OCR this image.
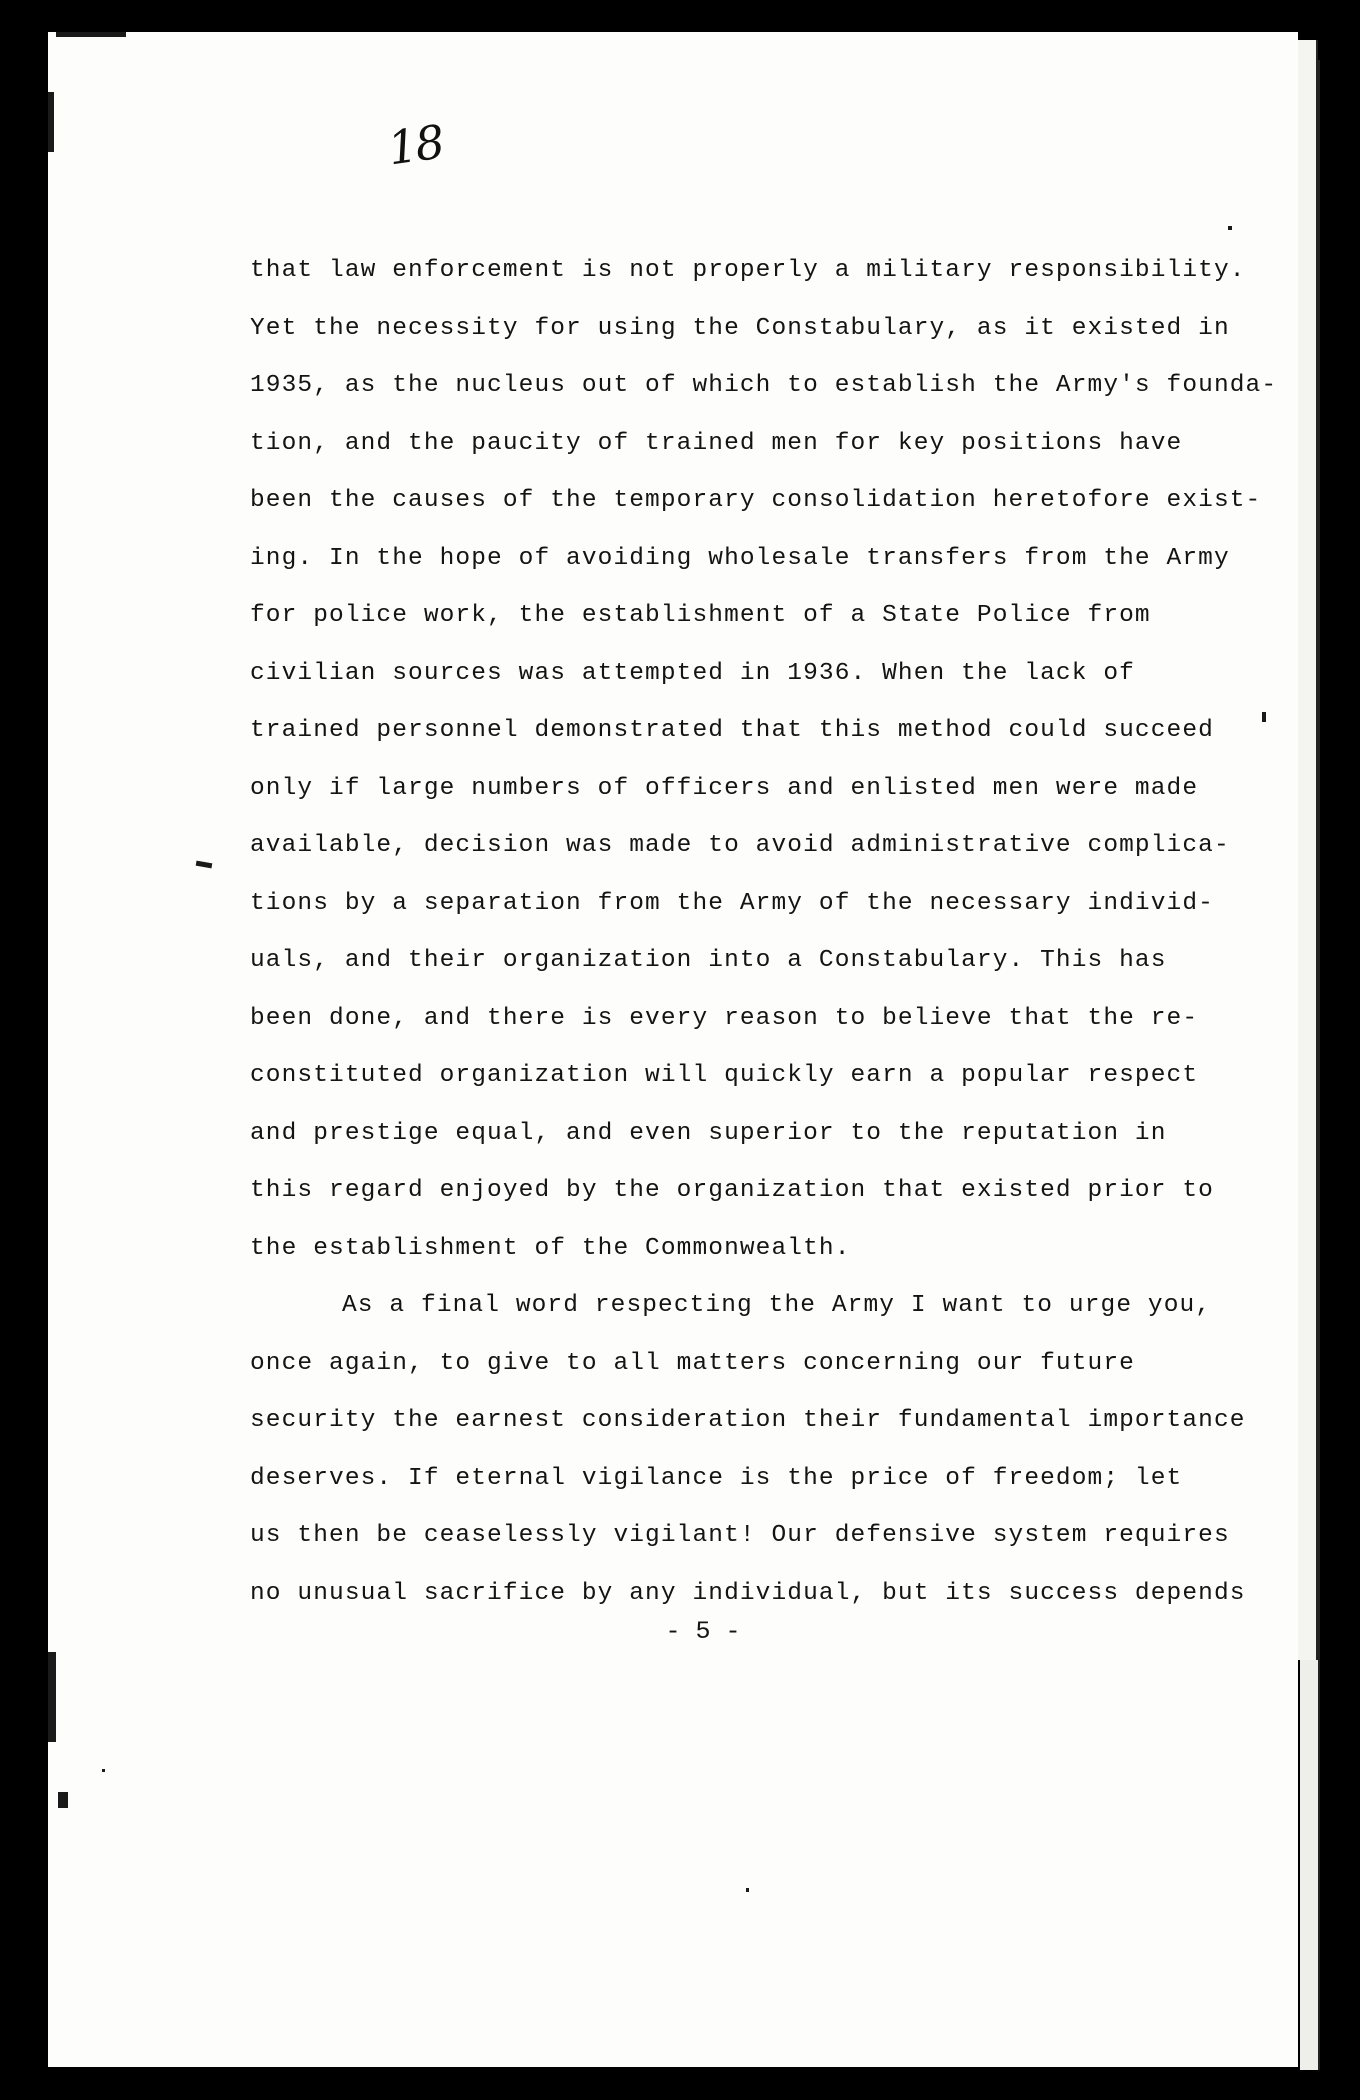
18
that law enforcement is not properly a military responsibility.
Yet the necessity for using the Constabulary, as it existed in
1935, as the nucleus out of which to establish the Army's founda-
tion, and the paucity of trained men for key positions have
been the causes of the temporary consolidation heretofore exist-
ing. In the hope of avoiding wholesale transfers from the Army
for police work, the establishment of a State Police from
civilian sources was attempted in 1936. When the lack of
trained personnel demonstrated that this method could succeed
only if large numbers of officers and enlisted men were made
available, decision was made to avoid administrative complica-
tions by a separation from the Army of the necessary individ-
uals, and their organization into a Constabulary. This has
been done, and there is every reason to believe that the re-
constituted organization will quickly earn a popular respect
and prestige equal, and even superior to the reputation in
this regard enjoyed by the organization that existed prior to
the establishment of the Commonwealth.
As a final word respecting the Army I want to urge you,
once again, to give to all matters concerning our future
security the earnest consideration their fundamental importance
deserves. If eternal vigilance is the price of freedom; let
us then be ceaselessly vigilant! Our defensive system requires
no unusual sacrifice by any individual, but its success depends
- 5 -
